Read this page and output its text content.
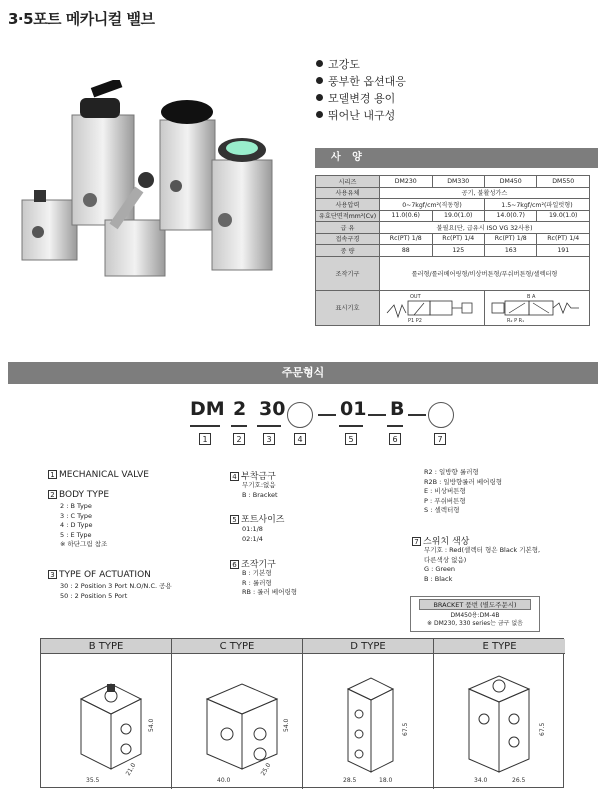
3·5포트 메카니컬 밸브
고강도
풍부한 옵션대응
모델변경 용이
뛰어난 내구성
사 양
시리즈	DM230	DM330	DM450	DM550
사용유체	공기, 불활성가스			
사용압력	0~7kgf/cm²(직동형)		1.5~7kgf/cm²(파일럿형)	
유효단면적mm²(Cv)	11.0(0.6)	19.0(1.0)	14.0(0.7)	19.0(1.0)
급 유	불필요(단, 급유시 ISO VG 32사용)			
접속구경	Rc(PT) 1/8	Rc(PT) 1/4	Rc(PT) 1/8	Rc(PT) 1/4
중 량	88	125	163	191
조작기구	롤러형/롤러베어링형/비상버튼형/푸쉬버튼형/셀렉터형			
표시기호	OUT
P1 P2		B A
R₂ P R₁	
주문형식
DM 2 30	01 B
1	2	3	4	5	6	7
1 MECHANICAL VALVE
2 BODY TYPE
2 : B Type
3 : C Type
4 : D Type
5 : E Type
※ 하단그림 참조
3 TYPE OF ACTUATION
30 : 2 Position 3 Port N.O/N.C. 공용
50 : 2 Position 5 Port
4 부착금구
무기호:없음
B : Bracket
5 포트사이즈
01:1/8
02:1/4
6 조작기구
B : 기본형
R : 롤러형
RB : 롤러 베어링형
R2 : 일방향 롤러형
R2B : 일방향롤러 베어링형
E : 비상버튼형
P : 푸쉬버튼형
S : 셀렉터형
7 스위치 색상
무기호 : Red(셀렉터 형은 Black 기본형,
다른색상 없음)
G : Green
B : Black
BRACKET 품번 (별도주문시)
DM450용:DM-4B
※ DM230, 330 series는 금구 없음
B TYPE
35.5
21.0
54.0
C TYPE
40.0
25.0
54.0
D TYPE
28.5	18.0
67.5
E TYPE
34.0	26.5
67.5
